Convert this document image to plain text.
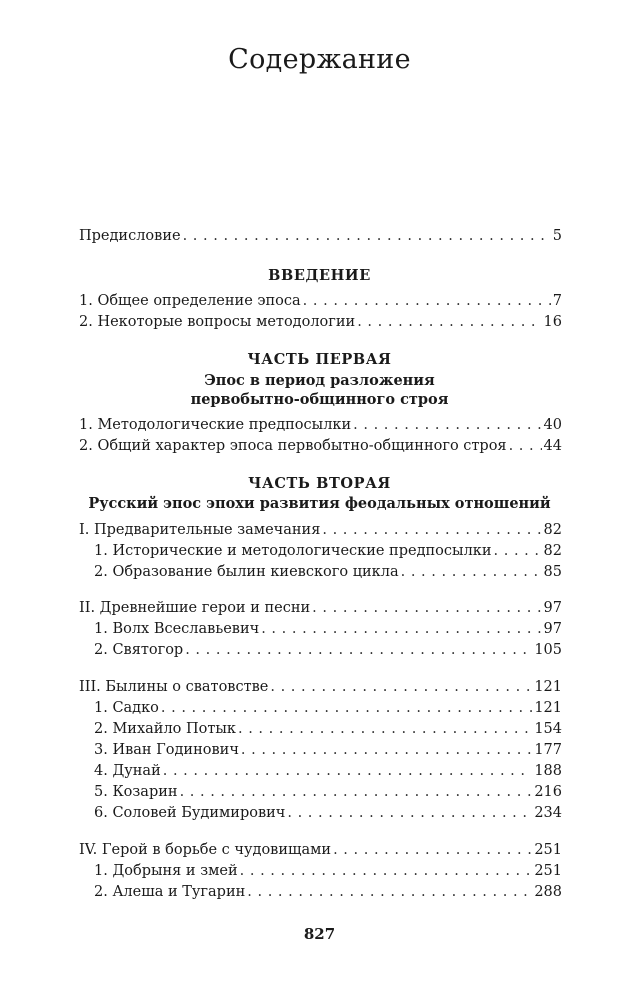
Содержание
Предисловие . . .	5
ВВЕДЕНИЕ
1. Общее определение эпоса . . .	7
2. Некоторые вопросы методологии . . .	16
ЧАСТЬ ПЕРВАЯ
Эпос в период разложения
первобытно-общинного строя
1. Методологические предпосылки . . .	40
2. Общий характер эпоса первобытно-общинного строя . . .	44
ЧАСТЬ ВТОРАЯ
Русский эпос эпохи развития феодальных отношений
I. Предварительные замечания . . .	82
1. Исторические и методологические предпосылки . . .	82
2. Образование былин киевского цикла . . .	85
II. Древнейшие герои и песни . . .	97
1. Волх Всеславьевич . . .	97
2. Святогор . . .	105
III. Былины о сватовстве . . .	121
1. Садко . . .	121
2. Михайло Потык . . .	154
3. Иван Годинович . . .	177
4. Дунай . . .	188
5. Козарин . . .	216
6. Соловей Будимирович . . .	234
IV. Герой в борьбе с чудовищами . . .	251
1. Добрыня и змей . . .	251
2. Алеша и Тугарин . . .	288
827
